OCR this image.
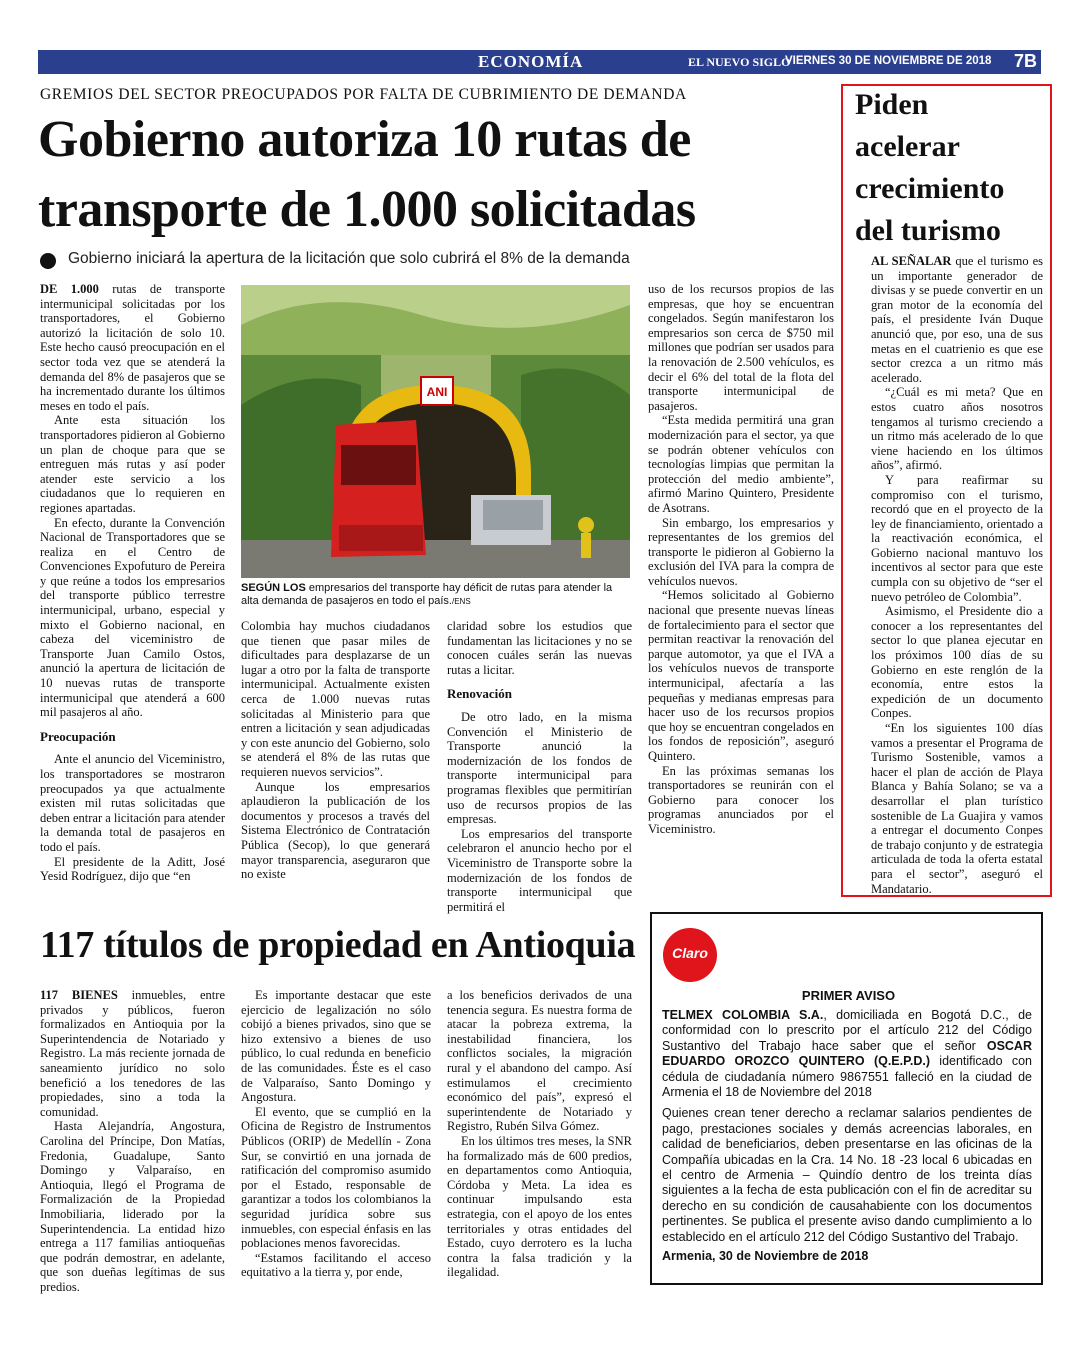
ECONOMÍA	EL NUEVO SIGLO
VIERNES 30 DE NOVIEMBRE DE 2018 7B
GREMIOS DEL SECTOR PREOCUPADOS POR FALTA DE CUBRIMIENTO DE DEMANDA
Gobierno autoriza 10 rutas de
transporte de 1.000 solicitadas
Gobierno iniciará la apertura de la licitación que solo cubrirá el 8% de la demanda

DE 1.000 rutas de transporte intermunicipal solicitadas por los transportadores, el Gobierno autorizó la licitación de solo 10. Este hecho causó preocupación en el sector toda vez que se atenderá la demanda del 8% de pasajeros que se ha incrementado durante los últimos meses en todo el país.

Ante esta situación los transportadores pidieron al Gobierno un plan de choque para que se entreguen más rutas y así poder atender este servicio a los ciudadanos que lo requieren en regiones apartadas.

En efecto, durante la Convención Nacional de Transportadores que se realiza en el Centro de Convenciones Expofuturo de Pereira y que reúne a todos los empresarios del transporte público terrestre intermunicipal, urbano, especial y mixto el Gobierno nacional, en cabeza del viceministro de Transporte Juan Camilo Ostos, anunció la apertura de licitación de 10 nuevas rutas de transporte intermunicipal que atenderá a 600 mil pasajeros al año.

Preocupación

Ante el anuncio del Viceministro, los transportadores se mostraron preocupados ya que actualmente existen mil rutas solicitadas que deben entrar a licitación para atender la demanda total de pasajeros en todo el país.

El presidente de la Aditt, José Yesid Rodríguez, dijo que “en

ANI
SEGÚN LOS empresarios del transporte hay déficit de rutas para atender la alta demanda de pasajeros en todo el país./ENS

Colombia hay muchos ciudadanos que tienen que pasar miles de dificultades para desplazarse de un lugar a otro por la falta de transporte intermunicipal. Actualmente existen cerca de 1.000 nuevas rutas solicitadas al Ministerio para que entren a licitación y sean adjudicadas y con este anuncio del Gobierno, solo se atenderá el 8% de las rutas que requieren nuevos servicios”.

Aunque los empresarios aplaudieron la publicación de los documentos y procesos a través del Sistema Electrónico de Contratación Pública (Secop), lo que generará mayor transparencia, aseguraron que no existe

claridad sobre los estudios que fundamentan las licitaciones y no se conocen cuáles serán las nuevas rutas a licitar.

Renovación

De otro lado, en la misma Convención el Ministerio de Transporte anunció la modernización de los fondos de transporte intermunicipal para programas flexibles que permitirían uso de recursos propios de las empresas.

Los empresarios del transporte celebraron el anuncio hecho por el Viceministro de Transporte sobre la modernización de los fondos de transporte intermunicipal que permitirá el

uso de los recursos propios de las empresas, que hoy se encuentran congelados. Según manifestaron los empresarios son cerca de $750 mil millones que podrían ser usados para la renovación de 2.500 vehículos, es decir el 6% del total de la flota del transporte intermunicipal de pasajeros.

“Esta medida permitirá una gran modernización para el sector, ya que se podrán obtener vehículos con tecnologías limpias que permitan la protección del medio ambiente”, afirmó Marino Quintero, Presidente de Asotrans.

Sin embargo, los empresarios y representantes de los gremios del transporte le pidieron al Gobierno la exclusión del IVA para la compra de vehículos nuevos.

“Hemos solicitado al Gobierno nacional que presente nuevas líneas de fortalecimiento para el sector que permitan reactivar la renovación del parque automotor, ya que el IVA a los vehículos nuevos de transporte intermunicipal, afectaría a las pequeñas y medianas empresas para hacer uso de los recursos propios que hoy se encuentran congelados en los fondos de reposición”, aseguró Quintero.

En las próximas semanas los transportadores se reunirán con el Gobierno para conocer los programas anunciados por el Viceministro.

Piden
acelerar
crecimiento
del turismo

AL SEÑALAR que el turismo es un importante generador de divisas y se puede convertir en un gran motor de la economía del país, el presidente Iván Duque anunció que, por eso, una de sus metas en el cuatrienio es que ese sector crezca a un ritmo más acelerado.

“¿Cuál es mi meta? Que en estos cuatro años nosotros tengamos al turismo creciendo a un ritmo más acelerado de lo que viene haciendo en los últimos años”, afirmó.

Y para reafirmar su compromiso con el turismo, recordó que en el proyecto de la ley de financiamiento, orientado a la reactivación económica, el Gobierno nacional mantuvo los incentivos al sector para que este cumpla con su objetivo de “ser el nuevo petróleo de Colombia”.

Asimismo, el Presidente dio a conocer a los representantes del sector lo que planea ejecutar en los próximos 100 días de su Gobierno en este renglón de la economía, entre estos la expedición de un documento Conpes.

“En los siguientes 100 días vamos a presentar el Programa de Turismo Sostenible, vamos a hacer el plan de acción de Playa Blanca y Bahía Solano; se va a desarrollar el plan turístico sostenible de La Guajira y vamos a entregar el documento Conpes de trabajo conjunto y de estrategia articulada de toda la oferta estatal para el sector”, aseguró el Mandatario.

117 títulos de propiedad en Antioquia

117 BIENES inmuebles, entre privados y públicos, fueron formalizados en Antioquia por la Superintendencia de Notariado y Registro. La más reciente jornada de saneamiento jurídico no solo benefició a los tenedores de las propiedades, sino a toda la comunidad.

Hasta Alejandría, Angostura, Carolina del Príncipe, Don Matías, Fredonia, Guadalupe, Santo Domingo y Valparaíso, en Antioquia, llegó el Programa de Formalización de la Propiedad Inmobiliaria, liderado por la Superintendencia. La entidad hizo entrega a 117 familias antioqueñas que podrán demostrar, en adelante, que son dueñas legítimas de sus predios.

Es importante destacar que este ejercicio de legalización no sólo cobijó a bienes privados, sino que se hizo extensivo a bienes de uso público, lo cual redunda en beneficio de las comunidades. Éste es el caso de Valparaíso, Santo Domingo y Angostura.

El evento, que se cumplió en la Oficina de Registro de Instrumentos Públicos (ORIP) de Medellín - Zona Sur, se convirtió en una jornada de ratificación del compromiso asumido por el Estado, responsable de garantizar a todos los colombianos la seguridad jurídica sobre sus inmuebles, con especial énfasis en las poblaciones menos favorecidas.

“Estamos facilitando el acceso equitativo a la tierra y, por ende,

a los beneficios derivados de una tenencia segura. Es nuestra forma de atacar la pobreza extrema, la inestabilidad financiera, los conflictos sociales, la migración rural y el abandono del campo. Así estimulamos el crecimiento económico del país”, expresó el superintendente de Notariado y Registro, Rubén Silva Gómez.

En los últimos tres meses, la SNR ha formalizado más de 600 predios, en departamentos como Antioquia, Córdoba y Meta. La idea es continuar impulsando esta estrategia, con el apoyo de los entes territoriales y otras entidades del Estado, cuyo derrotero es la lucha contra la falsa tradición y la ilegalidad.

Claro
PRIMER AVISO
TELMEX COLOMBIA S.A., domiciliada en Bogotá D.C., de conformidad con lo prescrito por el artículo 212 del Código Sustantivo del Trabajo hace saber que el señor OSCAR EDUARDO OROZCO QUINTERO (Q.E.P.D.) identificado con cédula de ciudadanía número 9867551 falleció en la ciudad de Armenia el 18 de Noviembre del 2018
Quienes crean tener derecho a reclamar salarios pendientes de pago, prestaciones sociales y demás acreencias laborales, en calidad de beneficiarios, deben presentarse en las oficinas de la Compañía ubicadas en la Cra. 14 No. 18 -23 local 6 ubicadas en el centro de Armenia – Quindío dentro de los treinta días siguientes a la fecha de esta publicación con el fin de acreditar su derecho en su condición de causahabiente con los documentos pertinentes. Se publica el presente aviso dando cumplimiento a lo establecido en el artículo 212 del Código Sustantivo del Trabajo.
Armenia, 30 de Noviembre de 2018
